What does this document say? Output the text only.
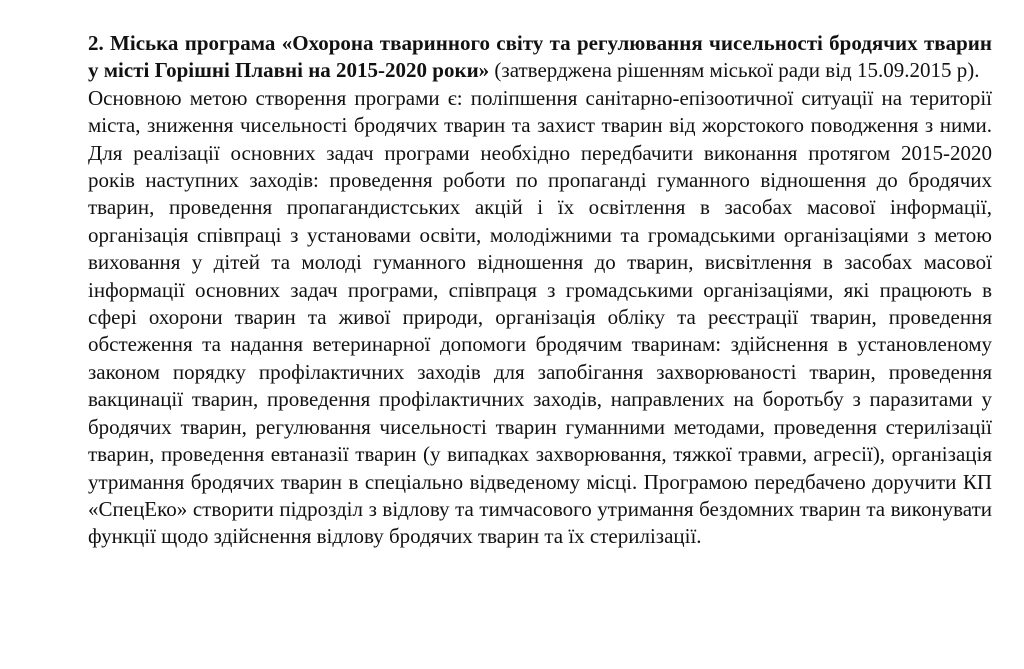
2. Міська програма «Охорона тваринного світу та регулювання чисельності бродячих тварин у місті Горішні Плавні на 2015-2020 роки» (затверджена рішенням міської ради від 15.09.2015 р).

Основною метою створення програми є: поліпшення санітарно-епізоотичної ситуації на території міста, зниження чисельності бродячих тварин та захист тварин від жорстокого поводження з ними. Для реалізації основних задач програми необхідно передбачити виконання протягом 2015-2020 років наступних заходів: проведення роботи по пропаганді гуманного відношення до бродячих тварин, проведення пропагандистських акцій і їх освітлення в засобах масової інформації, організація співпраці з установами освіти, молодіжними та громадськими організаціями з метою виховання у дітей та молоді гуманного відношення до тварин, висвітлення в засобах масової інформації основних задач програми, співпраця з громадськими організаціями, які працюють в сфері охорони тварин та живої природи, організація обліку та реєстрації тварин, проведення обстеження та надання ветеринарної допомоги бродячим тваринам: здійснення в установленому законом порядку профілактичних заходів для запобігання захворюваності тварин, проведення вакцинації тварин, проведення профілактичних заходів, направлених на боротьбу з паразитами у бродячих тварин, регулювання чисельності тварин гуманними методами, проведення стерилізації тварин, проведення евтаназії тварин (у випадках захворювання, тяжкої травми, агресії), організація утримання бродячих тварин в спеціально відведеному місці. Програмою передбачено доручити КП «СпецЕко» створити підрозділ з відлову та тимчасового утримання бездомних тварин та виконувати функції щодо здійснення відлову бродячих тварин та їх стерилізації.
